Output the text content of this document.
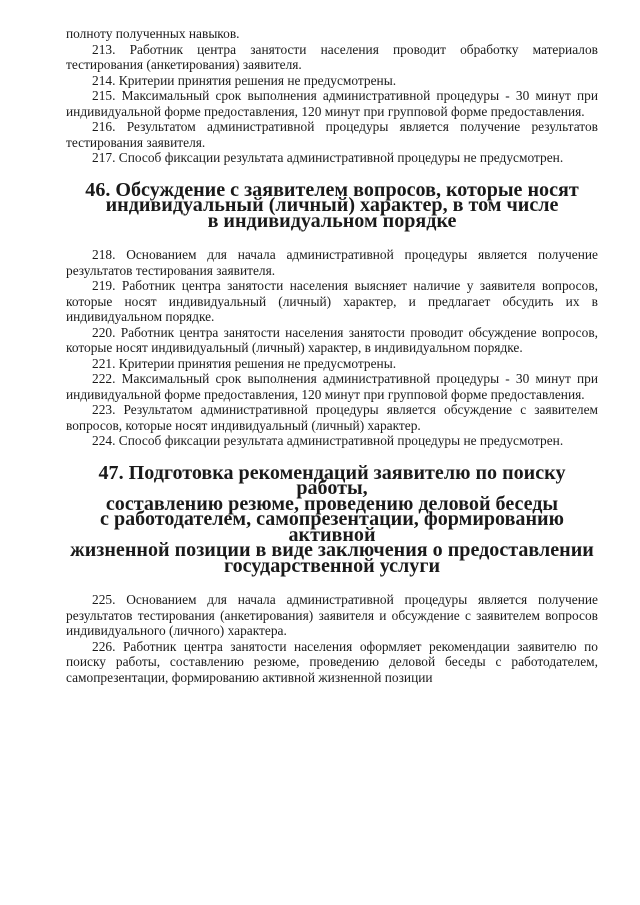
полноту полученных навыков.

213. Работник центра занятости населения проводит обработку материалов тестирования (анкетирования) заявителя.

214. Критерии принятия решения не предусмотрены.

215. Максимальный срок выполнения административной процедуры - 30 минут при индивидуальной форме предоставления, 120 минут при групповой форме предоставления.

216. Результатом административной процедуры является получение результатов тестирования заявителя.

217. Способ фиксации результата административной процедуры не предусмотрен.

46. Обсуждение с заявителем вопросов, которые носят
индивидуальный (личный) характер, в том числе
в индивидуальном порядке

218. Основанием для начала административной процедуры является получение результатов тестирования заявителя.

219. Работник центра занятости населения выясняет наличие у заявителя вопросов, которые носят индивидуальный (личный) характер, и предлагает обсудить их в индивидуальном порядке.

220. Работник центра занятости населения занятости проводит обсуждение вопросов, которые носят индивидуальный (личный) характер, в индивидуальном порядке.

221. Критерии принятия решения не предусмотрены.

222. Максимальный срок выполнения административной процедуры - 30 минут при индивидуальной форме предоставления, 120 минут при групповой форме предоставления.

223. Результатом административной процедуры является обсуждение с заявителем вопросов, которые носят индивидуальный (личный) характер.

224. Способ фиксации результата административной процедуры не предусмотрен.

47. Подготовка рекомендаций заявителю по поиску работы,
составлению резюме, проведению деловой беседы
с работодателем, самопрезентации, формированию активной
жизненной позиции в виде заключения о предоставлении
государственной услуги

225. Основанием для начала административной процедуры является получение результатов тестирования (анкетирования) заявителя и обсуждение с заявителем вопросов индивидуального (личного) характера.

226. Работник центра занятости населения оформляет рекомендации заявителю по поиску работы, составлению резюме, проведению деловой беседы с работодателем, самопрезентации, формированию активной жизненной позиции
